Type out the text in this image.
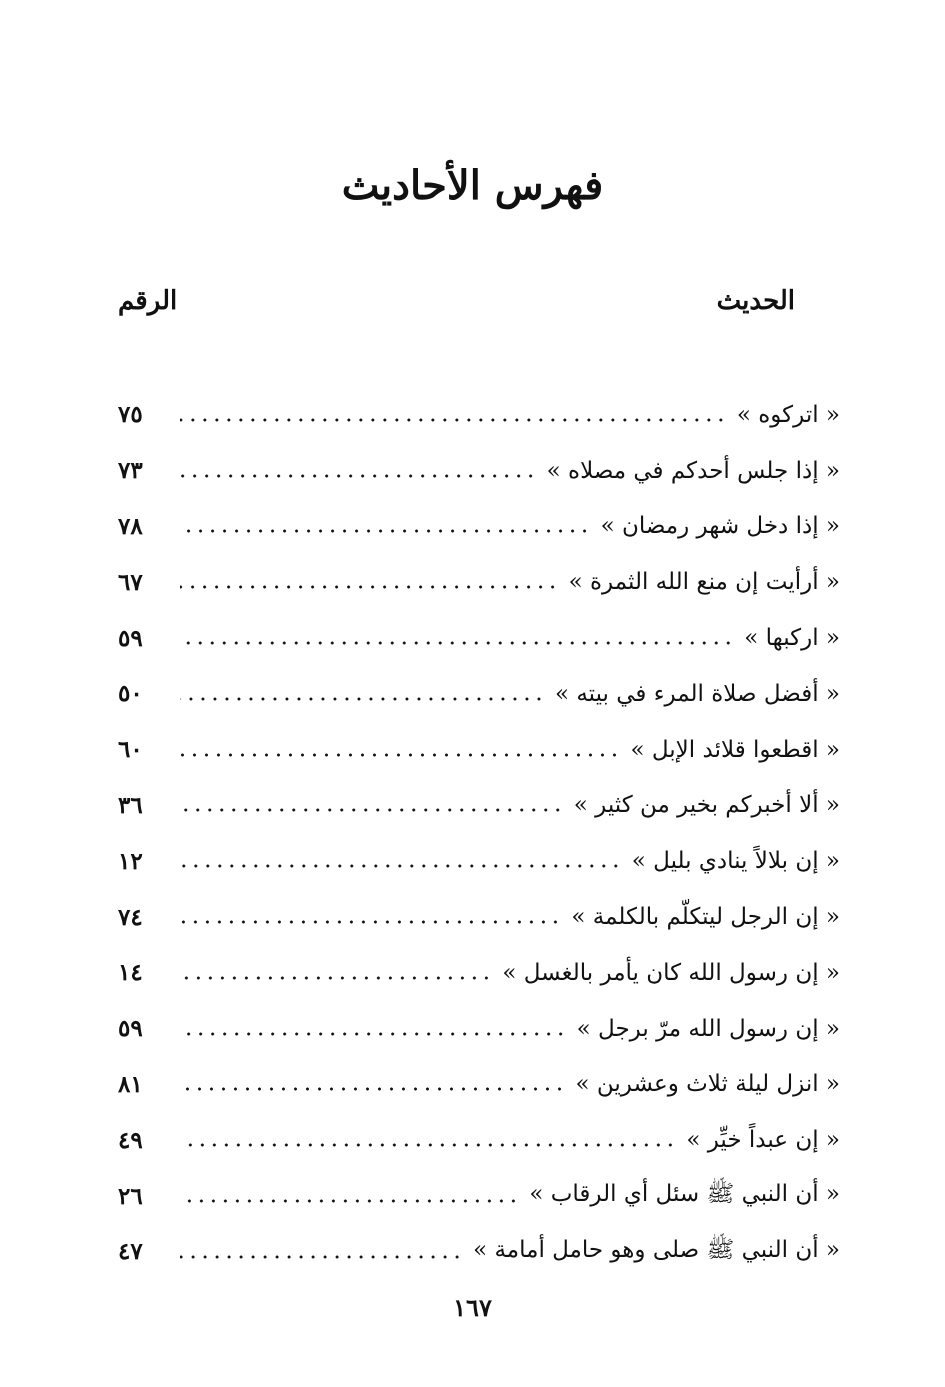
فهرس الأحاديث
الحديث
الرقم
« اتركوه »
٧٥
« إذا جلس أحدكم في مصلاه »
٧٣
« إذا دخل شهر رمضان »
٧٨
« أرأيت إن منع الله الثمرة »
٦٧
« اركبها »
٥٩
« أفضل صلاة المرء في بيته »
٥٠
« اقطعوا قلائد الإبل »
٦٠
« ألا أخبركم بخير من كثير »
٣٦
« إن بلالاً ينادي بليل »
١٢
« إن الرجل ليتكلّم بالكلمة »
٧٤
« إن رسول الله كان يأمر بالغسل »
١٤
« إن رسول الله مرّ برجل »
٥٩
« انزل ليلة ثلاث وعشرين »
٨١
« إن عبداً خيِّر »
٤٩
« أن النبي ﷺ سئل أي الرقاب »
٢٦
« أن النبي ﷺ صلى وهو حامل أمامة »
٤٧
١٦٧
